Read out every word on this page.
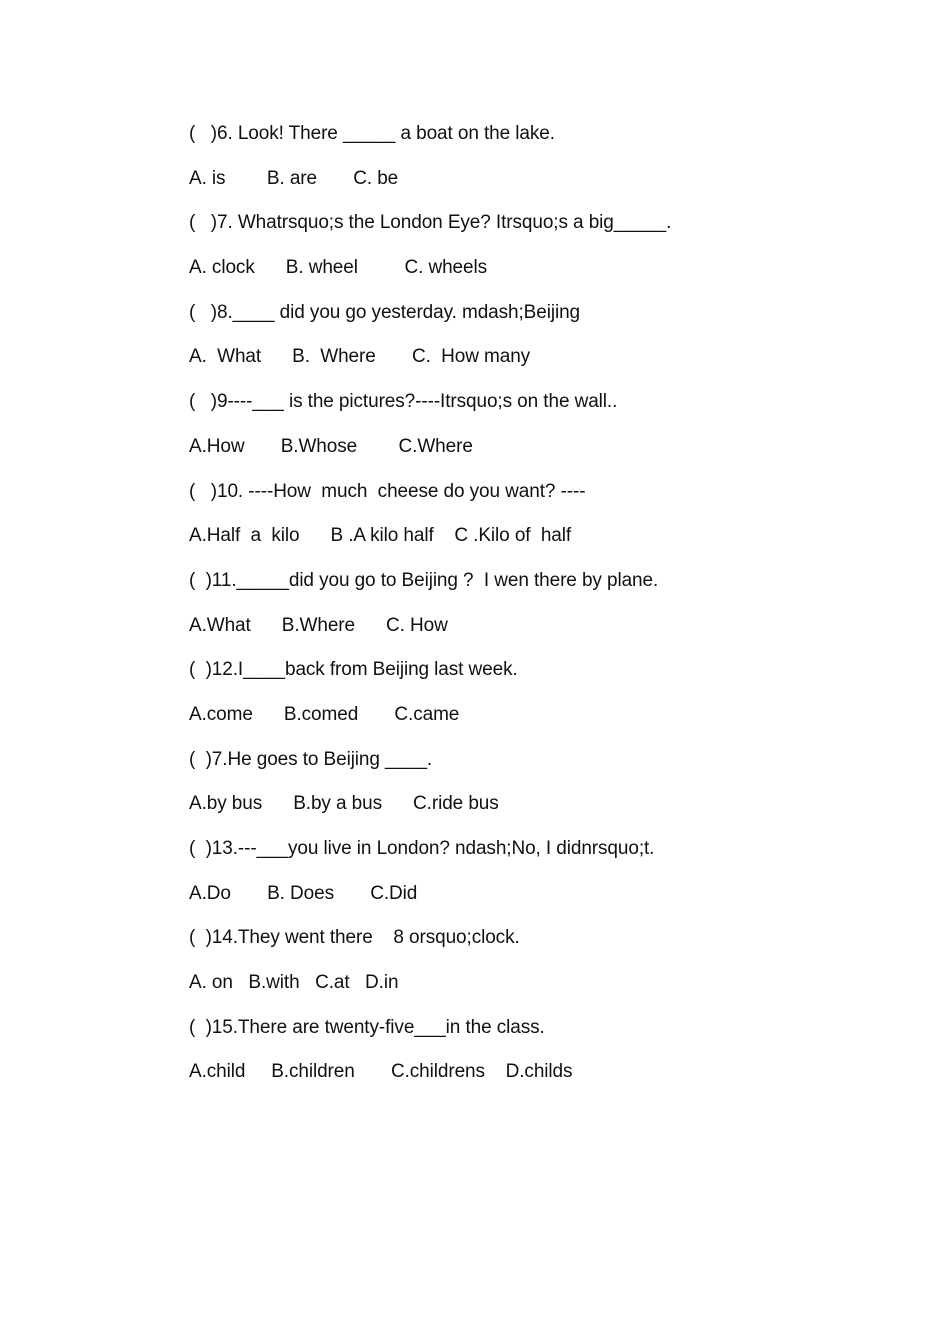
(   )6. Look! There _____ a boat on the lake.
A. is        B. are       C. be
(   )7. Whatrsquo;s the London Eye? Itrsquo;s a big_____.
A. clock      B. wheel         C. wheels
(   )8.____ did you go yesterday. mdash;Beijing
A.  What      B.  Where       C.  How many
(   )9----___ is the pictures?----Itrsquo;s on the wall..
A.How       B.Whose        C.Where
(   )10. ----How  much  cheese do you want? ----
A.Half  a  kilo      B .A kilo half    C .Kilo of  half
(  )11._____did you go to Beijing ?  I wen there by plane.
A.What      B.Where      C. How
(  )12.I____back from Beijing last week.
A.come      B.comed       C.came
(  )7.He goes to Beijing ____.
A.by bus      B.by a bus      C.ride bus
(  )13.---___you live in London? ndash;No, I didnrsquo;t.
A.Do       B. Does       C.Did
(  )14.They went there    8 orsquo;clock.
A. on   B.with   C.at   D.in
(  )15.There are twenty-five___in the class.
A.child     B.children       C.childrens    D.childs
